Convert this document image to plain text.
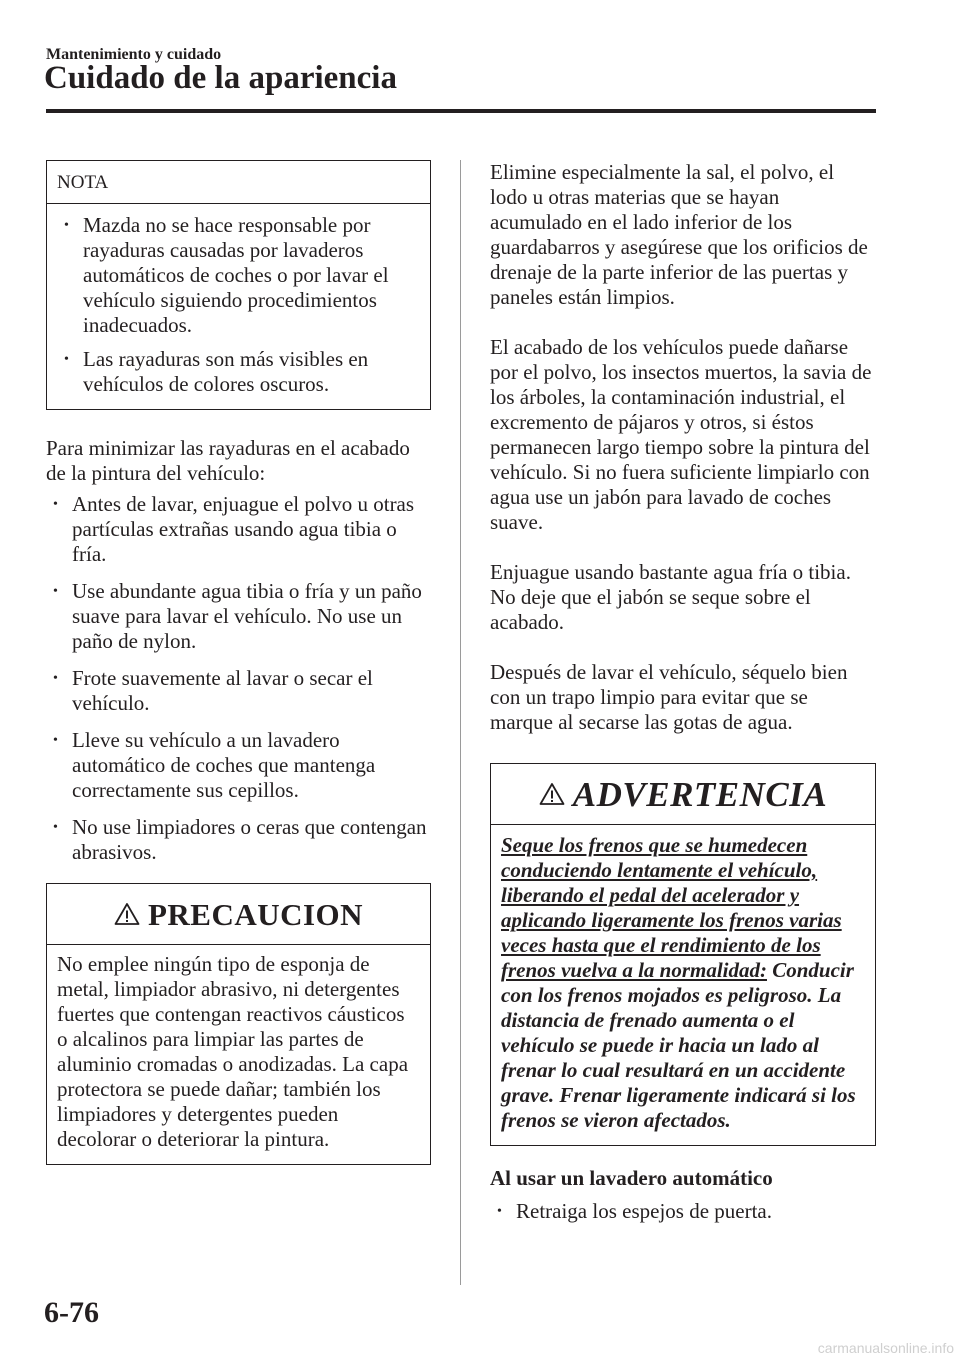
Mantenimiento y cuidado
Cuidado de la apariencia
NOTA
• Mazda no se hace responsable por rayaduras causadas por lavaderos automáticos de coches o por lavar el vehículo siguiendo procedimientos inadecuados.
• Las rayaduras son más visibles en vehículos de colores oscuros.

Para minimizar las rayaduras en el acabado de la pintura del vehículo:

• Antes de lavar, enjuague el polvo u otras partículas extrañas usando agua tibia o fría.
• Use abundante agua tibia o fría y un paño suave para lavar el vehículo. No use un paño de nylon.
• Frote suavemente al lavar o secar el vehículo.
• Lleve su vehículo a un lavadero automático de coches que mantenga correctamente sus cepillos.
• No use limpiadores o ceras que contengan abrasivos.
PRECAUCION
No emplee ningún tipo de esponja de metal, limpiador abrasivo, ni detergentes fuertes que contengan reactivos cáusticos o alcalinos para limpiar las partes de aluminio cromadas o anodizadas. La capa protectora se puede dañar; también los limpiadores y detergentes pueden decolorar o deteriorar la pintura.

Elimine especialmente la sal, el polvo, el lodo u otras materias que se hayan acumulado en el lado inferior de los guardabarros y asegúrese que los orificios de drenaje de la parte inferior de las puertas y paneles están limpios.

El acabado de los vehículos puede dañarse por el polvo, los insectos muertos, la savia de los árboles, la contaminación industrial, el excremento de pájaros y otros, si éstos permanecen largo tiempo sobre la pintura del vehículo. Si no fuera suficiente limpiarlo con agua use un jabón para lavado de coches suave.

Enjuague usando bastante agua fría o tibia. No deje que el jabón se seque sobre el acabado.

Después de lavar el vehículo, séquelo bien con un trapo limpio para evitar que se marque al secarse las gotas de agua.

ADVERTENCIA
Seque los frenos que se humedecen conduciendo lentamente el vehículo, liberando el pedal del acelerador y aplicando ligeramente los frenos varias veces hasta que el rendimiento de los frenos vuelva a la normalidad: Conducir con los frenos mojados es peligroso. La distancia de frenado aumenta o el vehículo se puede ir hacia un lado al frenar lo cual resultará en un accidente grave. Frenar ligeramente indicará si los frenos se vieron afectados.
Al usar un lavadero automático
• Retraiga los espejos de puerta.
6-76
carmanualsonline.info
